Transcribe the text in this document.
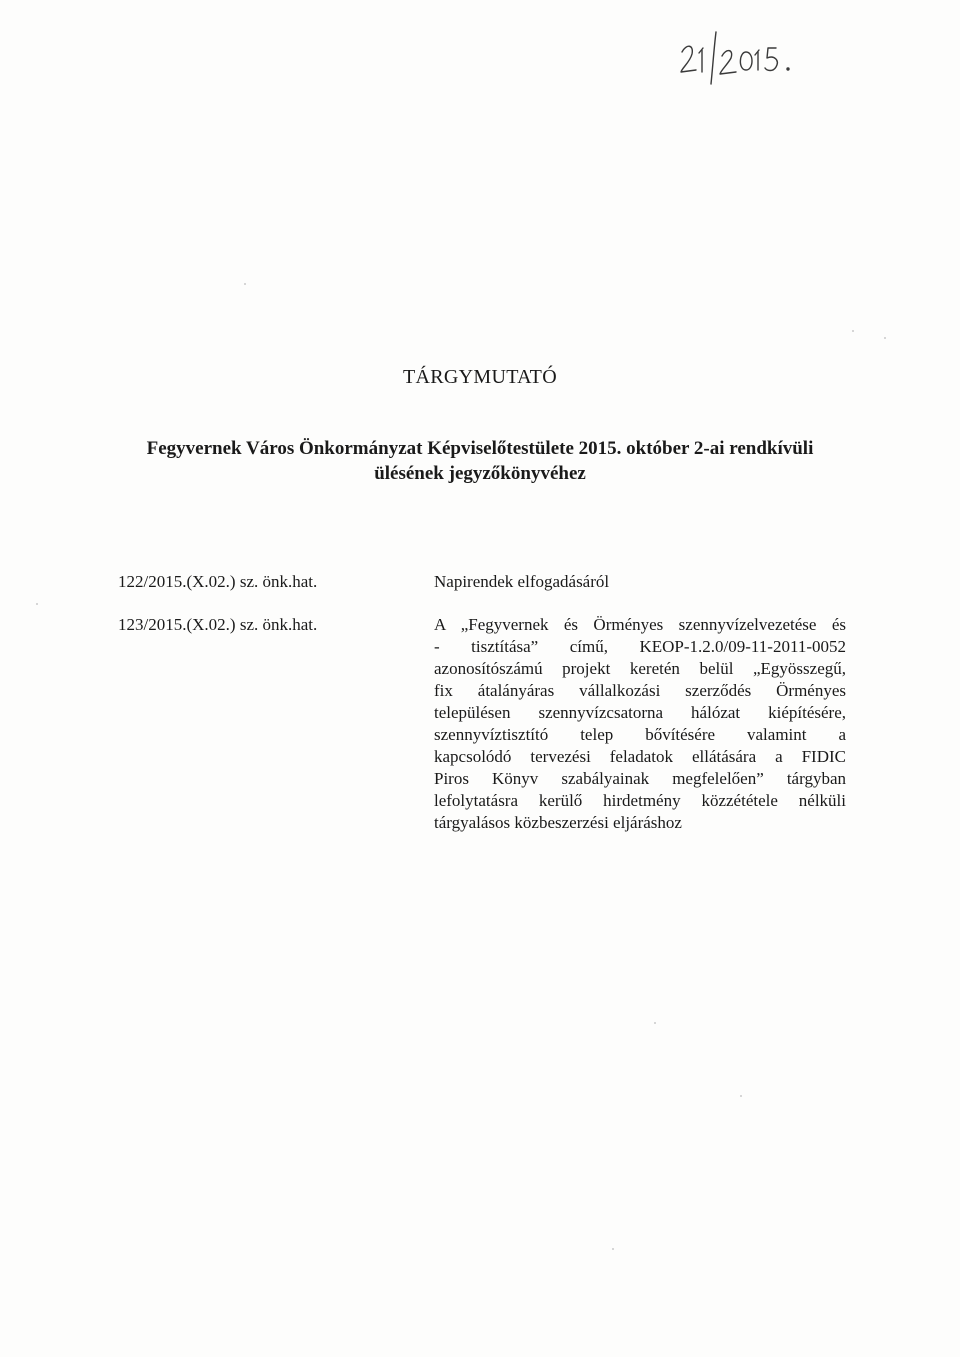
TÁRGYMUTATÓ
Fegyvernek Város Önkormányzat Képviselőtestülete 2015. október 2-ai rendkívüli
ülésének jegyzőkönyvéhez
122/2015.(X.02.) sz. önk.hat.	Napirendek elfogadásáról
123/2015.(X.02.) sz. önk.hat.	A „Fegyvernek és Örményes szennyvízelvezetése és
- tisztítása” című, KEOP-1.2.0/09-11-2011-0052
azonosítószámú projekt keretén belül „Egyösszegű,
fix átalányáras vállalkozási szerződés Örményes
településen szennyvízcsatorna hálózat kiépítésére,
szennyvíztisztító telep bővítésére valamint a
kapcsolódó tervezési feladatok ellátására a FIDIC
Piros Könyv szabályainak megfelelően” tárgyban
lefolytatásra kerülő hirdetmény közzététele nélküli
tárgyalásos közbeszerzési eljáráshoz
